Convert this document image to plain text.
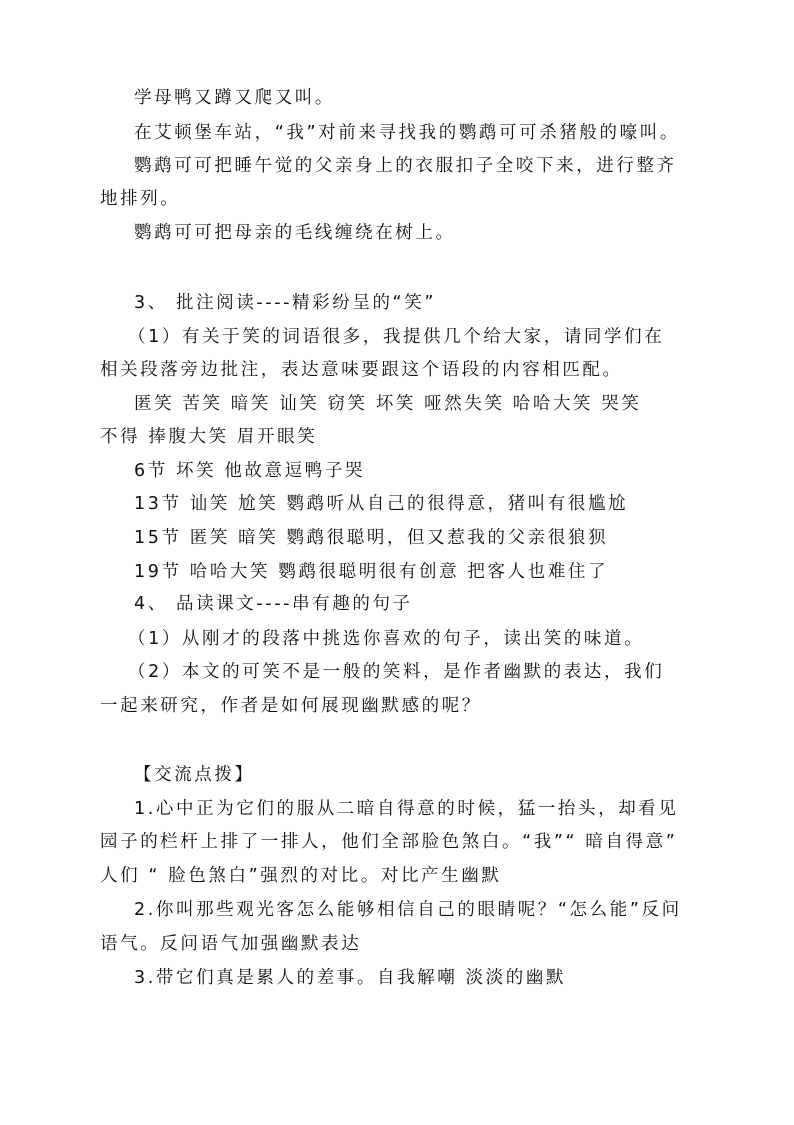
学母鸭又蹲又爬又叫。
在艾顿堡车站，“我”对前来寻找我的鹦鹉可可杀猪般的嚎叫。
鹦鹉可可把睡午觉的父亲身上的衣服扣子全咬下来，进行整齐
地排列。
鹦鹉可可把母亲的毛线缠绕在树上。
3、 批注阅读----精彩纷呈的“笑”
（1）有关于笑的词语很多，我提供几个给大家，请同学们在
相关段落旁边批注，表达意味要跟这个语段的内容相匹配。
匿笑 苦笑 暗笑 讪笑 窃笑 坏笑 哑然失笑 哈哈大笑 哭笑
不得 捧腹大笑 眉开眼笑
6节 坏笑 他故意逗鸭子哭
13节 讪笑 尬笑 鹦鹉听从自己的很得意，猪叫有很尴尬
15节 匿笑 暗笑 鹦鹉很聪明，但又惹我的父亲很狼狈
19节 哈哈大笑 鹦鹉很聪明很有创意 把客人也难住了
4、 品读课文----串有趣的句子
（1）从刚才的段落中挑选你喜欢的句子，读出笑的味道。
（2）本文的可笑不是一般的笑料，是作者幽默的表达，我们
一起来研究，作者是如何展现幽默感的呢？
【交流点拨】
1.心中正为它们的服从二暗自得意的时候，猛一抬头，却看见
园子的栏杆上排了一排人，他们全部脸色煞白。“我”“ 暗自得意”
人们 “ 脸色煞白”强烈的对比。对比产生幽默
2.你叫那些观光客怎么能够相信自己的眼睛呢？“怎么能”反问
语气。反问语气加强幽默表达
3.带它们真是累人的差事。自我解嘲 淡淡的幽默
